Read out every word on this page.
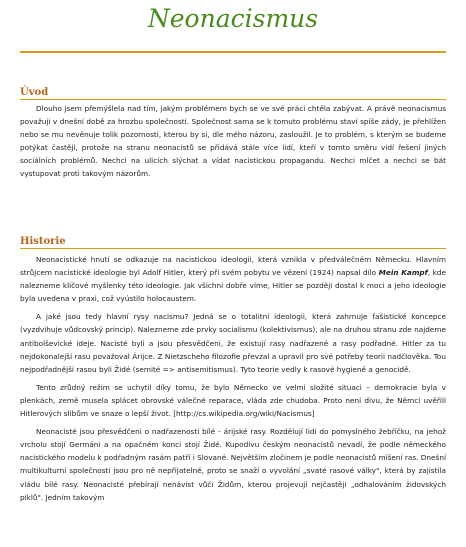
Neonacismus
Úvod

Dlouho jsem přemýšlela nad tím, jakým problémem bych se ve své práci chtěla zabývat. A právě neonacismus považuji v dnešní době za hrozbu společnosti. Společnost sama se k tomuto problému staví spíše zády, je přehlížen nebo se mu nevěnuje tolik pozornosti, kterou by si, dle mého názoru, zasloužil. Je to problém, s kterým se budeme potýkat častěji, protože na stranu neonacistů se přidává stále více lidí, kteří v tomto směru vidí řešení jiných sociálních problémů. Nechci na ulicích slýchat a vídat nacistickou propagandu. Nechci mlčet a nechci se bát vystupovat proti takovým názorům.

Historie

Neonacistické hnutí se odkazuje na nacistickou ideologii, která vznikla v předválečném Německu. Hlavním strůjcem nacistické ideologie byl Adolf Hitler, který při svém pobytu ve vězení (1924) napsal dílo Mein Kampf, kde nalezneme klíčové myšlenky této ideologie. Jak všichni dobře víme, Hitler se později dostal k moci a jeho ideologie byla uvedena v praxi, což vyústilo holocaustem.

A jaké jsou tedy hlavní rysy nacismu? Jedná se o totalitní ideologii, která zahrnuje fašistické koncepce (vyzdvihuje vůdcovský princip). Nalezneme zde prvky socialismu (kolektivismus), ale na druhou stranu zde najdeme antibolševické ideje. Nacisté byli a jsou přesvědčeni, že existují rasy nadřazené a rasy podřadné. Hitler za tu nejdokonalejší rasu považoval Árijce. Z Nietzscheho filozofie převzal a upravil pro své potřeby teorii nadčlověka. Tou nejpodřadnější rasou byli Židé (semité => antisemitismus). Tyto teorie vedly k rasové hygieně a genocidě.

Tento zrůdný režim se uchytil díky tomu, že bylo Německo ve velmi složité situaci – demokracie byla v plenkách, země musela splácet obrovské válečné reparace, vláda zde chudoba. Proto není divu, že Němci uvěřili Hitlerových slibům ve snaze o lepší život. [http://cs.wikipedia.org/wiki/Nacismus]

Neonacisté jsou přesvědčeni o nadřazenosti bílé - árijské rasy. Rozdělují lidi do pomyslného žebříčku, na jehož vrcholu stojí Germáni a na opačném konci stojí Židé. Kupodivu českým neonacistů nevadí, že podle německého nacistického modelu k podřadným rasám patří i Slované. Největším zločinem je podle neonacistů míšení ras. Dnešní multikulturní společnosti jsou pro ně nepřijatelné, proto se snaží o vyvolání „svaté rasové války", která by zajistila vládu bílé rasy. Neonacisté přebírají nenávist vůči Židům, kterou projevují nejčastěji „odhalováním židovských piklů". Jedním takovým
